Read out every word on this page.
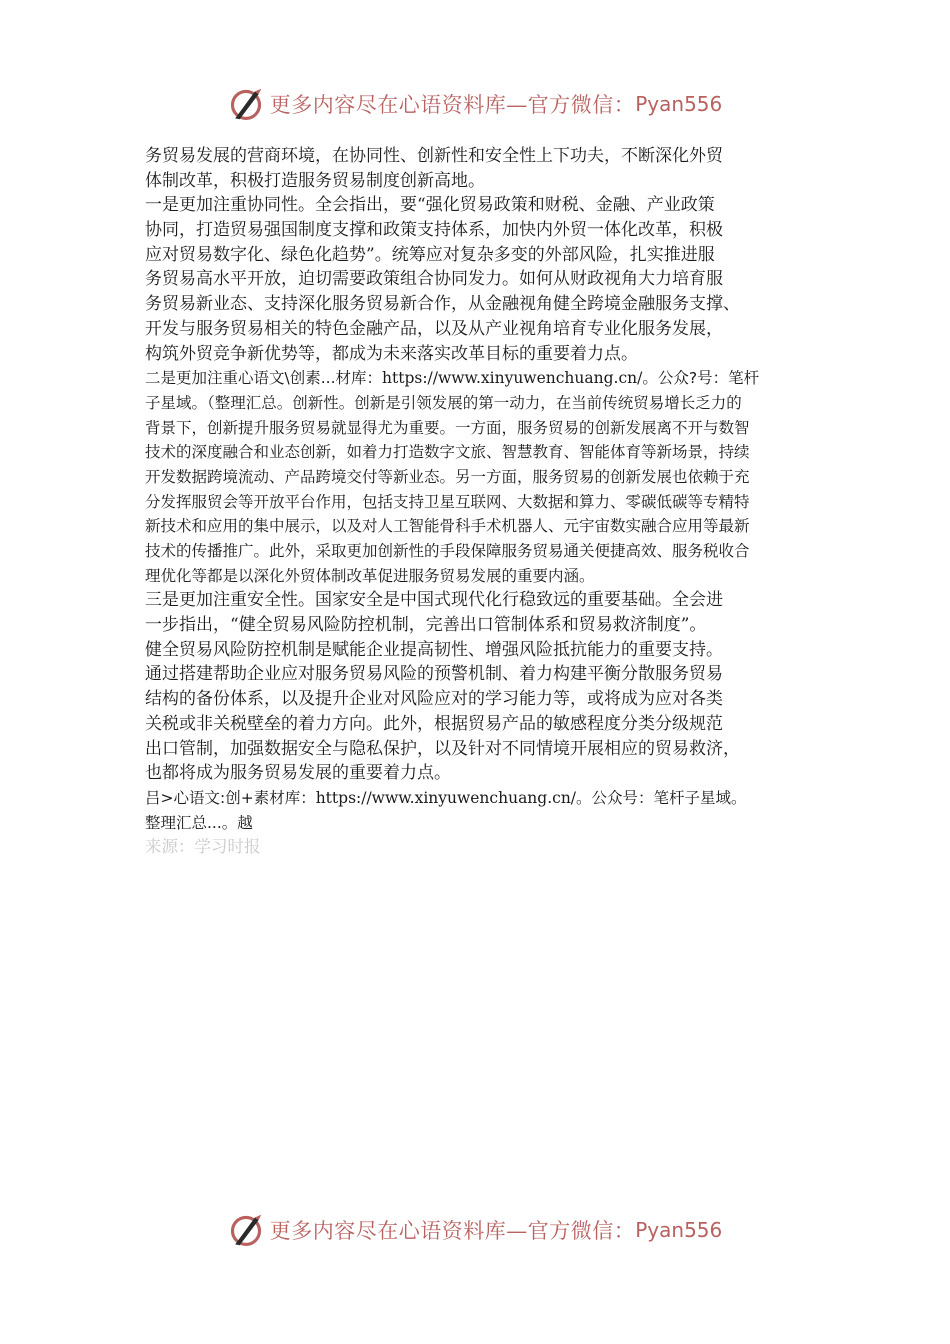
更多内容尽在心语资料库—官方微信： Pyan556
务贸易发展的营商环境，在协同性、创新性和安全性上下功夫，不断深化外贸
体制改革，积极打造服务贸易制度创新高地。
一是更加注重协同性。全会指出，要“强化贸易政策和财税、金融、产业政策
协同，打造贸易强国制度支撑和政策支持体系，加快内外贸一体化改革，积极
应对贸易数字化、绿色化趋势”。统筹应对复杂多变的外部风险，扎实推进服
务贸易高水平开放，迫切需要政策组合协同发力。如何从财政视角大力培育服
务贸易新业态、支持深化服务贸易新合作，从金融视角健全跨境金融服务支撑、
开发与服务贸易相关的特色金融产品，以及从产业视角培育专业化服务发展，
构筑外贸竞争新优势等，都成为未来落实改革目标的重要着力点。
二是更加注重心语文\创素...材库：https://www.xinyuwenchuang.cn/。公众?号：笔杆
子星域。（整理汇总。创新性。创新是引领发展的第一动力，在当前传统贸易增长乏力的
背景下，创新提升服务贸易就显得尤为重要。一方面，服务贸易的创新发展离不开与数智
技术的深度融合和业态创新，如着力打造数字文旅、智慧教育、智能体育等新场景，持续
开发数据跨境流动、产品跨境交付等新业态。另一方面，服务贸易的创新发展也依赖于充
分发挥服贸会等开放平台作用，包括支持卫星互联网、大数据和算力、零碳低碳等专精特
新技术和应用的集中展示，以及对人工智能骨科手术机器人、元宇宙数实融合应用等最新
技术的传播推广。此外，采取更加创新性的手段保障服务贸易通关便捷高效、服务税收合
理优化等都是以深化外贸体制改革促进服务贸易发展的重要内涵。
三是更加注重安全性。国家安全是中国式现代化行稳致远的重要基础。全会进
一步指出，“健全贸易风险防控机制，完善出口管制体系和贸易救济制度”。
健全贸易风险防控机制是赋能企业提高韧性、增强风险抵抗能力的重要支持。
通过搭建帮助企业应对服务贸易风险的预警机制、着力构建平衡分散服务贸易
结构的备份体系，以及提升企业对风险应对的学习能力等，或将成为应对各类
关税或非关税壁垒的着力方向。此外，根据贸易产品的敏感程度分类分级规范
出口管制，加强数据安全与隐私保护，以及针对不同情境开展相应的贸易救济，
也都将成为服务贸易发展的重要着力点。
吕>心语文:创+素材库：https://www.xinyuwenchuang.cn/。公众号：笔杆子星域。
整理汇总...。越
来源：学习时报
更多内容尽在心语资料库—官方微信： Pyan556
